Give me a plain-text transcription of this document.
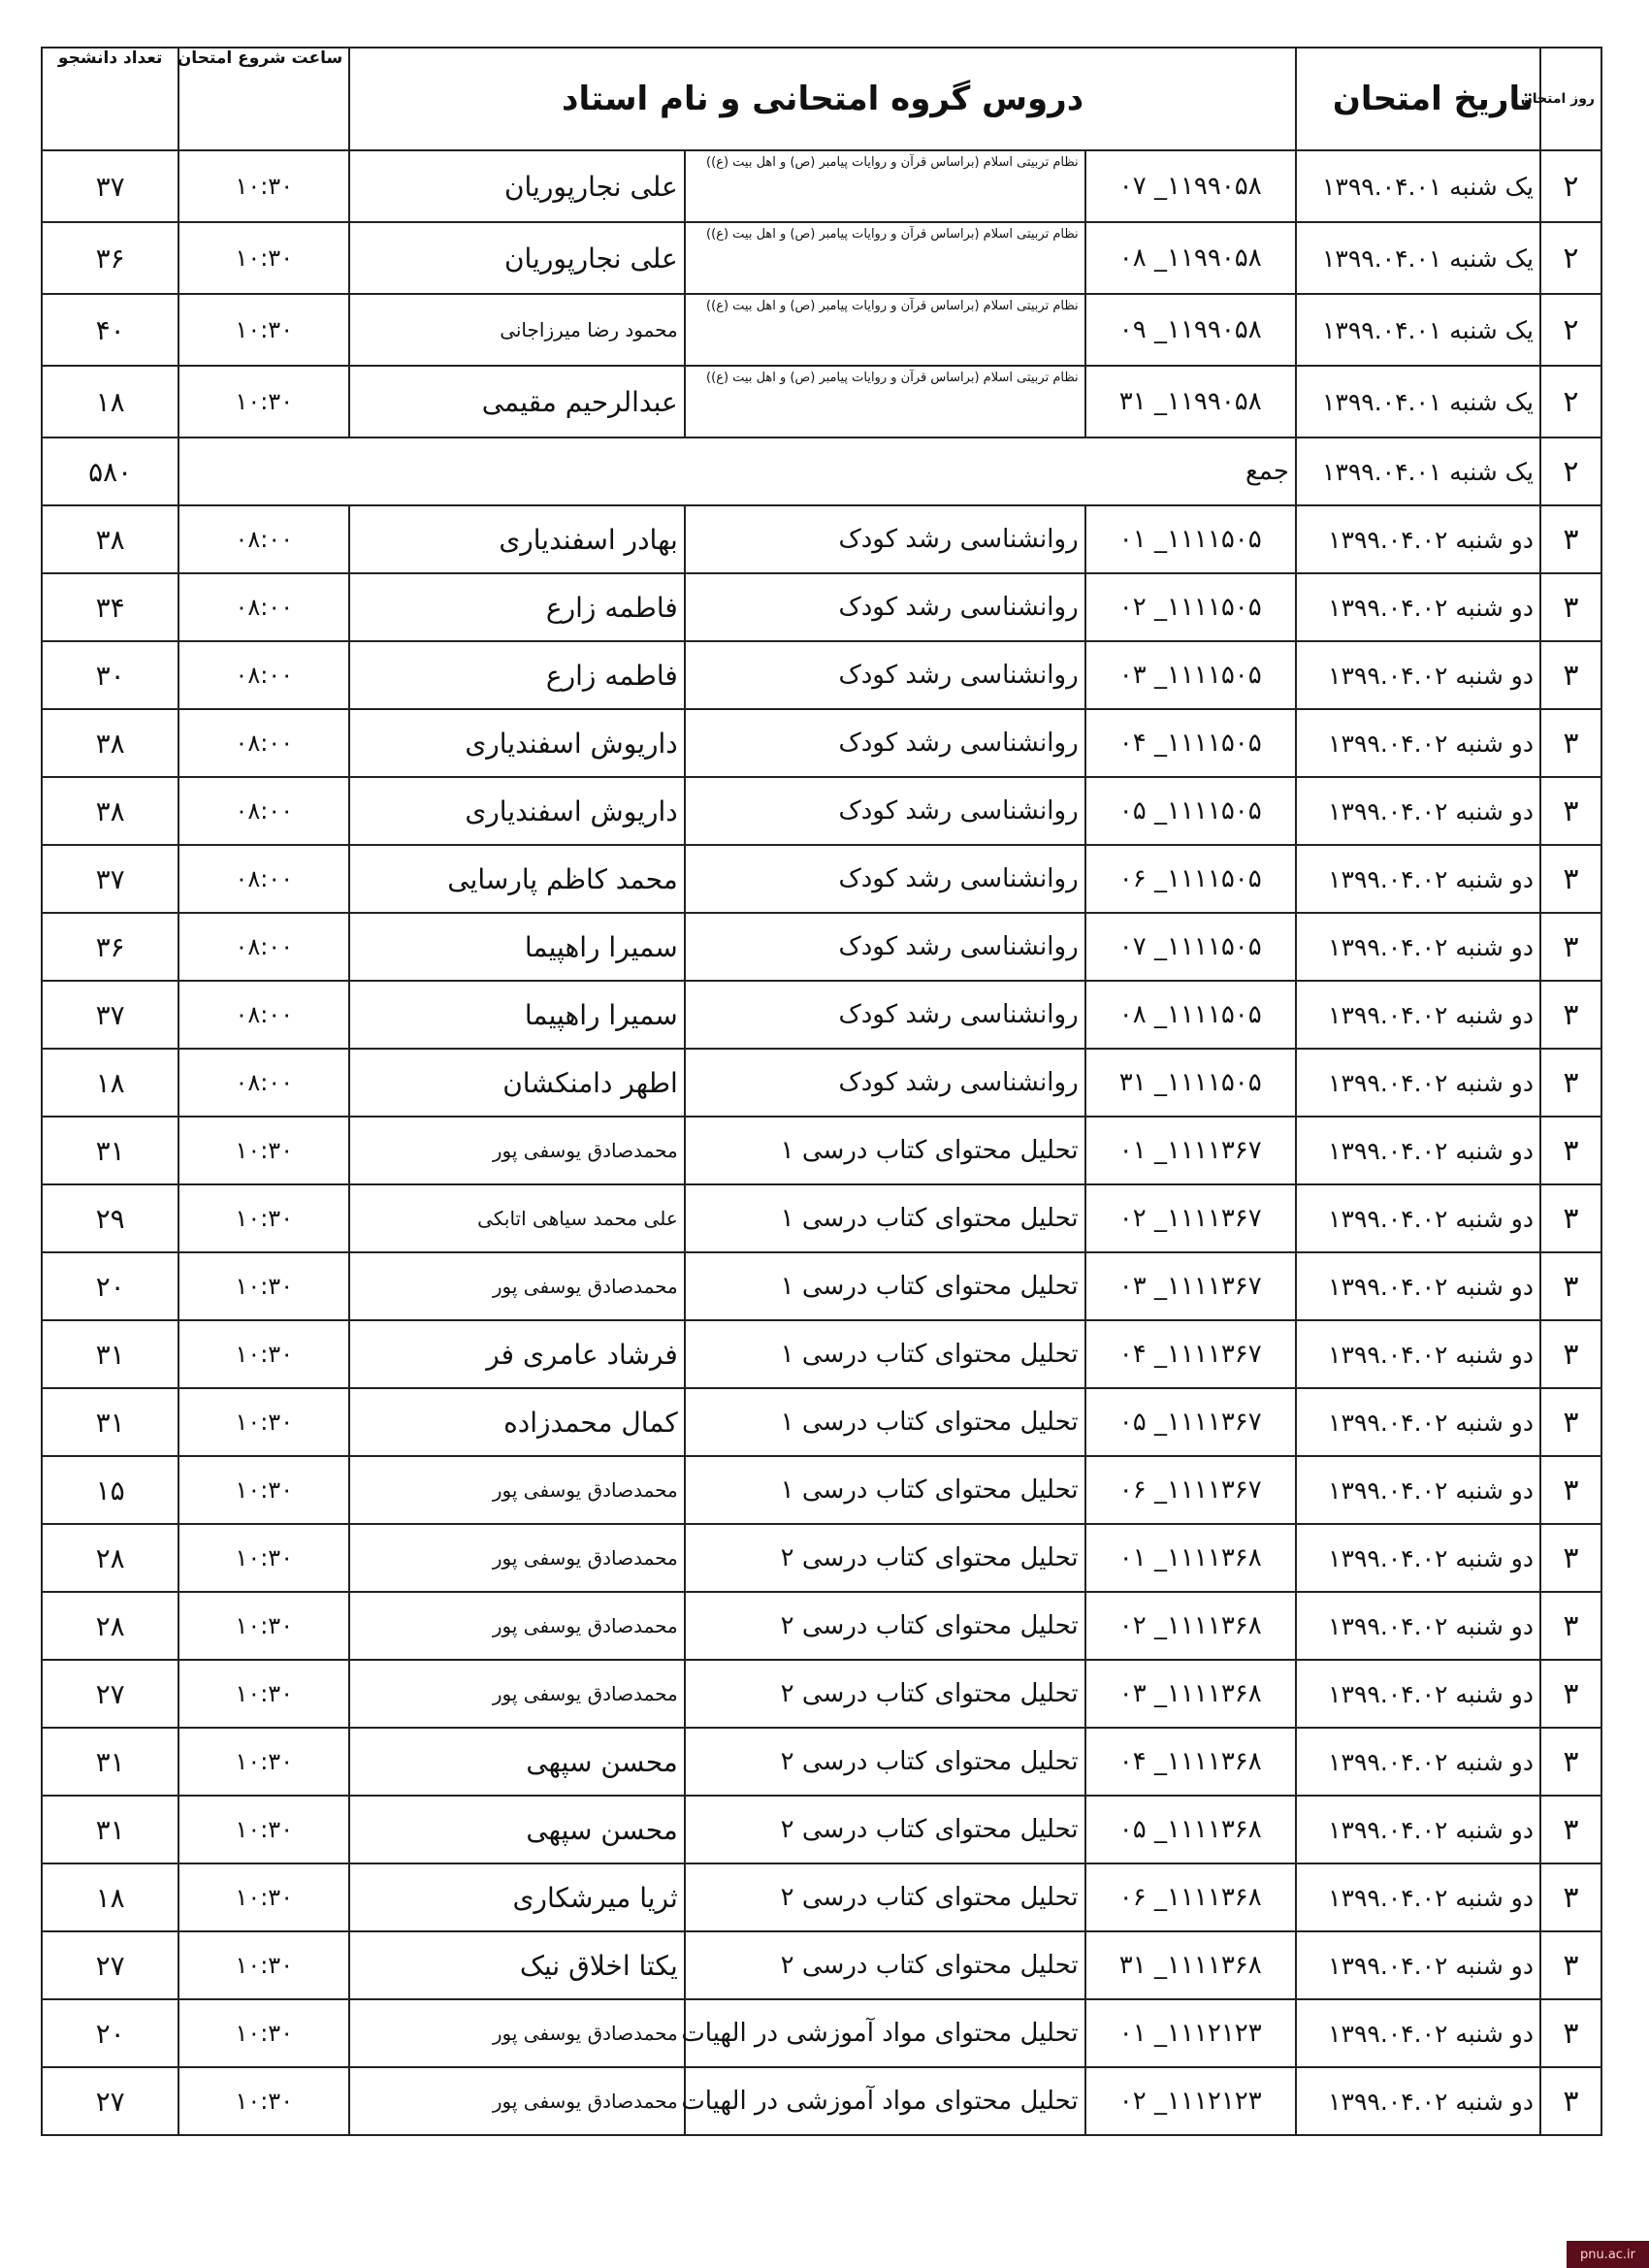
روز امتحان	تاریخ امتحان	دروس گروه امتحانی و نام استاد			ساعت شروع امتحان	تعداد دانشجو
۲	یک شنبه ۱۳۹۹.۰۴.۰۱	۱۱۹۹۰۵۸_ ۰۷	نظام تربیتی اسلام (براساس قرآن و روایات پیامبر (ص) و اهل بیت (ع))	علی نجارپوریان	۱۰:۳۰	۳۷
۲	یک شنبه ۱۳۹۹.۰۴.۰۱	۱۱۹۹۰۵۸_ ۰۸	نظام تربیتی اسلام (براساس قرآن و روایات پیامبر (ص) و اهل بیت (ع))	علی نجارپوریان	۱۰:۳۰	۳۶
۲	یک شنبه ۱۳۹۹.۰۴.۰۱	۱۱۹۹۰۵۸_ ۰۹	نظام تربیتی اسلام (براساس قرآن و روایات پیامبر (ص) و اهل بیت (ع))	محمود رضا میرزاجانی	۱۰:۳۰	۴۰
۲	یک شنبه ۱۳۹۹.۰۴.۰۱	۱۱۹۹۰۵۸_ ۳۱	نظام تربیتی اسلام (براساس قرآن و روایات پیامبر (ص) و اهل بیت (ع))	عبدالرحیم مقیمی	۱۰:۳۰	۱۸
۲	یک شنبه ۱۳۹۹.۰۴.۰۱	جمع				۵۸۰
۳	دو شنبه ۱۳۹۹.۰۴.۰۲	۱۱۱۱۵۰۵_ ۰۱	روانشناسی رشد کودک	بهادر اسفندیاری	۰۸:۰۰	۳۸
۳	دو شنبه ۱۳۹۹.۰۴.۰۲	۱۱۱۱۵۰۵_ ۰۲	روانشناسی رشد کودک	فاطمه زارع	۰۸:۰۰	۳۴
۳	دو شنبه ۱۳۹۹.۰۴.۰۲	۱۱۱۱۵۰۵_ ۰۳	روانشناسی رشد کودک	فاطمه زارع	۰۸:۰۰	۳۰
۳	دو شنبه ۱۳۹۹.۰۴.۰۲	۱۱۱۱۵۰۵_ ۰۴	روانشناسی رشد کودک	داریوش اسفندیاری	۰۸:۰۰	۳۸
۳	دو شنبه ۱۳۹۹.۰۴.۰۲	۱۱۱۱۵۰۵_ ۰۵	روانشناسی رشد کودک	داریوش اسفندیاری	۰۸:۰۰	۳۸
۳	دو شنبه ۱۳۹۹.۰۴.۰۲	۱۱۱۱۵۰۵_ ۰۶	روانشناسی رشد کودک	محمد کاظم پارسایی	۰۸:۰۰	۳۷
۳	دو شنبه ۱۳۹۹.۰۴.۰۲	۱۱۱۱۵۰۵_ ۰۷	روانشناسی رشد کودک	سمیرا راهپیما	۰۸:۰۰	۳۶
۳	دو شنبه ۱۳۹۹.۰۴.۰۲	۱۱۱۱۵۰۵_ ۰۸	روانشناسی رشد کودک	سمیرا راهپیما	۰۸:۰۰	۳۷
۳	دو شنبه ۱۳۹۹.۰۴.۰۲	۱۱۱۱۵۰۵_ ۳۱	روانشناسی رشد کودک	اطهر دامنکشان	۰۸:۰۰	۱۸
۳	دو شنبه ۱۳۹۹.۰۴.۰۲	۱۱۱۱۳۶۷_ ۰۱	تحلیل محتوای کتاب درسی ۱	محمدصادق یوسفی پور	۱۰:۳۰	۳۱
۳	دو شنبه ۱۳۹۹.۰۴.۰۲	۱۱۱۱۳۶۷_ ۰۲	تحلیل محتوای کتاب درسی ۱	علی محمد سیاهی اتابکی	۱۰:۳۰	۲۹
۳	دو شنبه ۱۳۹۹.۰۴.۰۲	۱۱۱۱۳۶۷_ ۰۳	تحلیل محتوای کتاب درسی ۱	محمدصادق یوسفی پور	۱۰:۳۰	۲۰
۳	دو شنبه ۱۳۹۹.۰۴.۰۲	۱۱۱۱۳۶۷_ ۰۴	تحلیل محتوای کتاب درسی ۱	فرشاد عامری فر	۱۰:۳۰	۳۱
۳	دو شنبه ۱۳۹۹.۰۴.۰۲	۱۱۱۱۳۶۷_ ۰۵	تحلیل محتوای کتاب درسی ۱	کمال محمدزاده	۱۰:۳۰	۳۱
۳	دو شنبه ۱۳۹۹.۰۴.۰۲	۱۱۱۱۳۶۷_ ۰۶	تحلیل محتوای کتاب درسی ۱	محمدصادق یوسفی پور	۱۰:۳۰	۱۵
۳	دو شنبه ۱۳۹۹.۰۴.۰۲	۱۱۱۱۳۶۸_ ۰۱	تحلیل محتوای کتاب درسی ۲	محمدصادق یوسفی پور	۱۰:۳۰	۲۸
۳	دو شنبه ۱۳۹۹.۰۴.۰۲	۱۱۱۱۳۶۸_ ۰۲	تحلیل محتوای کتاب درسی ۲	محمدصادق یوسفی پور	۱۰:۳۰	۲۸
۳	دو شنبه ۱۳۹۹.۰۴.۰۲	۱۱۱۱۳۶۸_ ۰۳	تحلیل محتوای کتاب درسی ۲	محمدصادق یوسفی پور	۱۰:۳۰	۲۷
۳	دو شنبه ۱۳۹۹.۰۴.۰۲	۱۱۱۱۳۶۸_ ۰۴	تحلیل محتوای کتاب درسی ۲	محسن سپهی	۱۰:۳۰	۳۱
۳	دو شنبه ۱۳۹۹.۰۴.۰۲	۱۱۱۱۳۶۸_ ۰۵	تحلیل محتوای کتاب درسی ۲	محسن سپهی	۱۰:۳۰	۳۱
۳	دو شنبه ۱۳۹۹.۰۴.۰۲	۱۱۱۱۳۶۸_ ۰۶	تحلیل محتوای کتاب درسی ۲	ثریا میرشکاری	۱۰:۳۰	۱۸
۳	دو شنبه ۱۳۹۹.۰۴.۰۲	۱۱۱۱۳۶۸_ ۳۱	تحلیل محتوای کتاب درسی ۲	یکتا اخلاق نیک	۱۰:۳۰	۲۷
۳	دو شنبه ۱۳۹۹.۰۴.۰۲	۱۱۱۲۱۲۳_ ۰۱	تحلیل محتوای مواد آموزشی در الهیات	محمدصادق یوسفی پور	۱۰:۳۰	۲۰
۳	دو شنبه ۱۳۹۹.۰۴.۰۲	۱۱۱۲۱۲۳_ ۰۲	تحلیل محتوای مواد آموزشی در الهیات	محمدصادق یوسفی پور	۱۰:۳۰	۲۷
pnu.ac.ir
